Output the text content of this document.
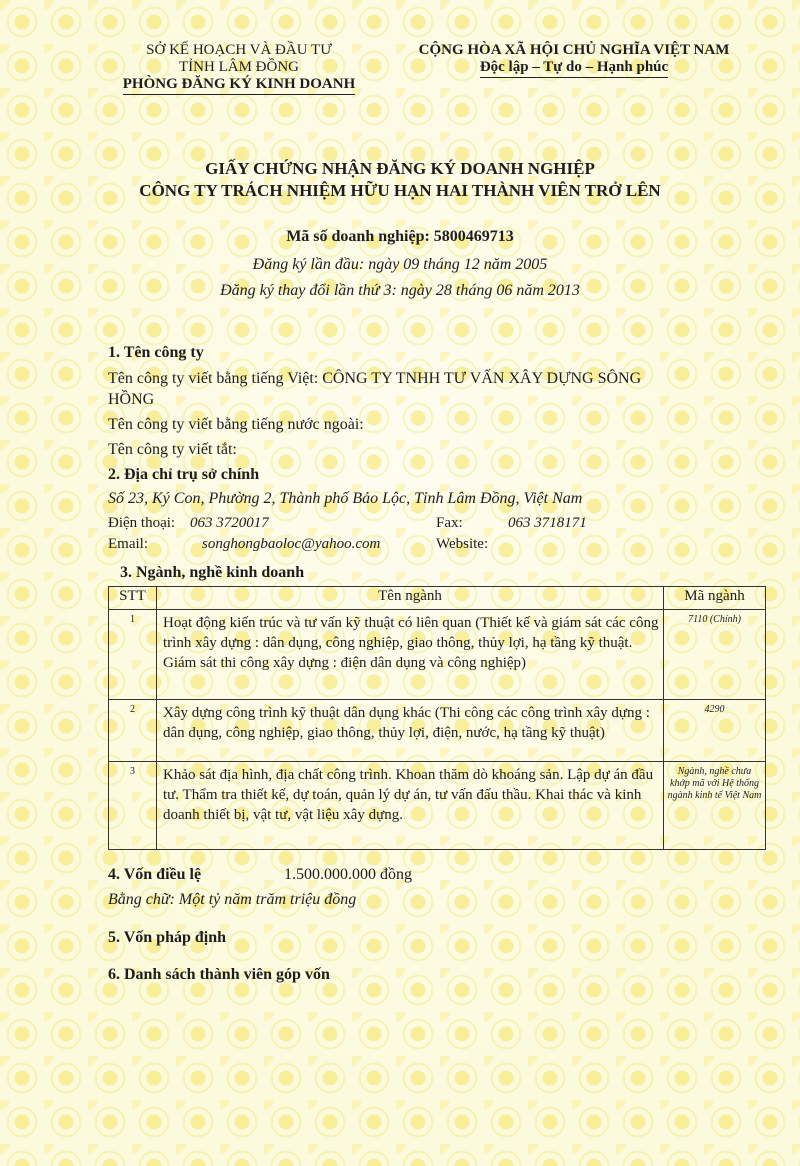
SỞ KẾ HOẠCH VÀ ĐẦU TƯ
TỈNH LÂM ĐỒNG
PHÒNG ĐĂNG KÝ KINH DOANH
CỘNG HÒA XÃ HỘI CHỦ NGHĨA VIỆT NAM
Độc lập – Tự do – Hạnh phúc
GIẤY CHỨNG NHẬN ĐĂNG KÝ DOANH NGHIỆP
CÔNG TY TRÁCH NHIỆM HỮU HẠN HAI THÀNH VIÊN TRỞ LÊN
Mã số doanh nghiệp: 5800469713
Đăng ký lần đầu: ngày 09 tháng 12 năm 2005
Đăng ký thay đổi lần thứ 3: ngày 28 tháng 06 năm 2013
1. Tên công ty
Tên công ty viết bằng tiếng Việt: CÔNG TY TNHH TƯ VẤN XÂY DỰNG SÔNG
HỒNG
Tên công ty viết bằng tiếng nước ngoài:
Tên công ty viết tắt:
2. Địa chỉ trụ sở chính
Số 23, Ký Con, Phường 2, Thành phố Bảo Lộc, Tỉnh Lâm Đồng, Việt Nam
Điện thoại: 063 3720017	Fax:	063 3718171
Email:	songhongbaoloc@yahoo.com	Website:
3. Ngành, nghề kinh doanh
STT	Tên ngành	Mã ngành
1	Hoạt động kiến trúc và tư vấn kỹ thuật có liên quan (Thiết kế và giám sát các công trình xây dựng : dân dụng, công nghiệp, giao thông, thủy lợi, hạ tầng kỹ thuật. Giám sát thi công xây dựng : điện dân dụng và công nghiệp)	7110 (Chính)
2	Xây dựng công trình kỹ thuật dân dụng khác (Thi công các công trình xây dựng : dân dụng, công nghiệp, giao thông, thủy lợi, điện, nước, hạ tầng kỹ thuật)	4290
3	Khảo sát địa hình, địa chất công trình. Khoan thăm dò khoáng sản. Lập dự án đầu tư. Thẩm tra thiết kế, dự toán, quản lý dự án, tư vấn đấu thầu. Khai thác và kinh doanh thiết bị, vật tư, vật liệu xây dựng.	Ngành, nghề chưa khớp mã với Hệ thống ngành kinh tế Việt Nam
4. Vốn điều lệ	1.500.000.000 đồng
Bằng chữ: Một tỷ năm trăm triệu đồng
5. Vốn pháp định
6. Danh sách thành viên góp vốn
